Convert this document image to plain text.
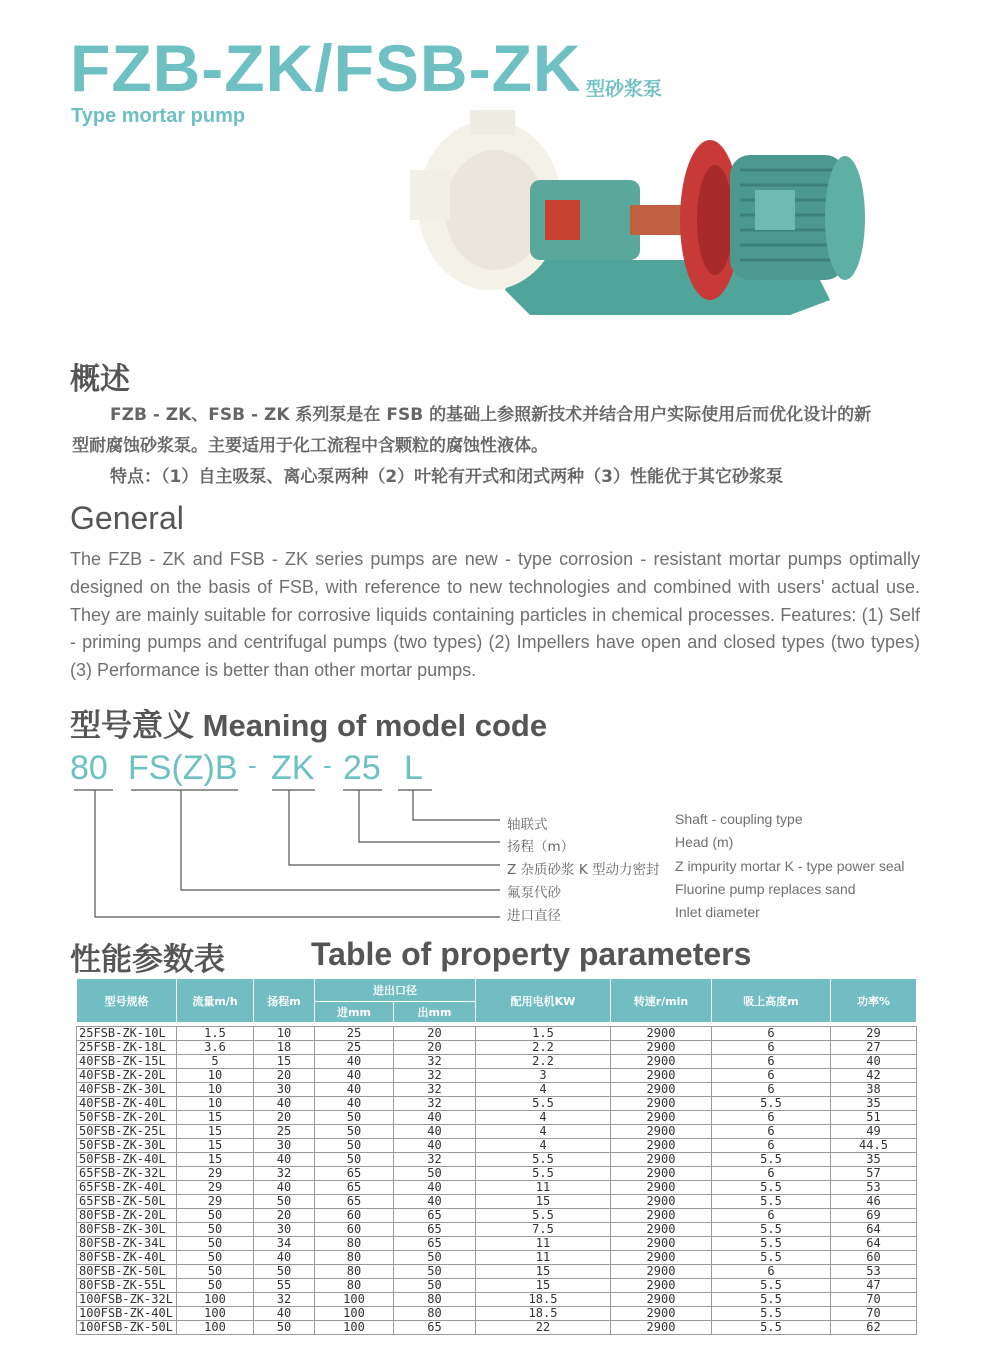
FZB-ZK/FSB-ZK 型砂浆泵
Type mortar pump
概述
FZB - ZK、FSB - ZK 系列泵是在 FSB 的基础上参照新技术并结合用户实际使用后而优化设计的新
型耐腐蚀砂浆泵。主要适用于化工流程中含颗粒的腐蚀性液体。
特点：（1）自主吸泵、离心泵两种（2）叶轮有开式和闭式两种（3）性能优于其它砂浆泵
General
The FZB - ZK and FSB - ZK series pumps are new - type corrosion - resistant mortar pumps optimally designed on the basis of FSB, with reference to new technologies and combined with users' actual use. They are mainly suitable for corrosive liquids containing particles in chemical processes. Features: (1) Self - priming pumps and centrifugal pumps (two types) (2) Impellers have open and closed types (two types) (3) Performance is better than other mortar pumps.
型号意义 Meaning of model code
80 FS(Z)B - ZK - 25 L
轴联式	Shaft - coupling type
扬程（m）	Head (m)
Z 杂质砂浆 K 型动力密封 Z impurity mortar K - type power seal
氟泵代砂	Fluorine pump replaces sand
进口直径	Inlet diameter
性能参数表	Table of property parameters
型号规格	流量m/h	扬程m	进出口径		配用电机KW	转速r/min	吸上高度m	功率%
			进mm	出mm				

25FSB-ZK-10L	1.5	10	25	20	1.5	2900	6	29
25FSB-ZK-18L	3.6	18	25	20	2.2	2900	6	27
40FSB-ZK-15L	5	15	40	32	2.2	2900	6	40
40FSB-ZK-20L	10	20	40	32	3	2900	6	42
40FSB-ZK-30L	10	30	40	32	4	2900	6	38
40FSB-ZK-40L	10	40	40	32	5.5	2900	5.5	35
50FSB-ZK-20L	15	20	50	40	4	2900	6	51
50FSB-ZK-25L	15	25	50	40	4	2900	6	49
50FSB-ZK-30L	15	30	50	40	4	2900	6	44.5
50FSB-ZK-40L	15	40	50	32	5.5	2900	5.5	35
65FSB-ZK-32L	29	32	65	50	5.5	2900	6	57
65FSB-ZK-40L	29	40	65	40	11	2900	5.5	53
65FSB-ZK-50L	29	50	65	40	15	2900	5.5	46
80FSB-ZK-20L	50	20	60	65	5.5	2900	6	69
80FSB-ZK-30L	50	30	60	65	7.5	2900	5.5	64
80FSB-ZK-34L	50	34	80	65	11	2900	5.5	64
80FSB-ZK-40L	50	40	80	50	11	2900	5.5	60
80FSB-ZK-50L	50	50	80	50	15	2900	6	53
80FSB-ZK-55L	50	55	80	50	15	2900	5.5	47
100FSB-ZK-32L	100	32	100	80	18.5	2900	5.5	70
100FSB-ZK-40L	100	40	100	80	18.5	2900	5.5	70
100FSB-ZK-50L	100	50	100	65	22	2900	5.5	62
